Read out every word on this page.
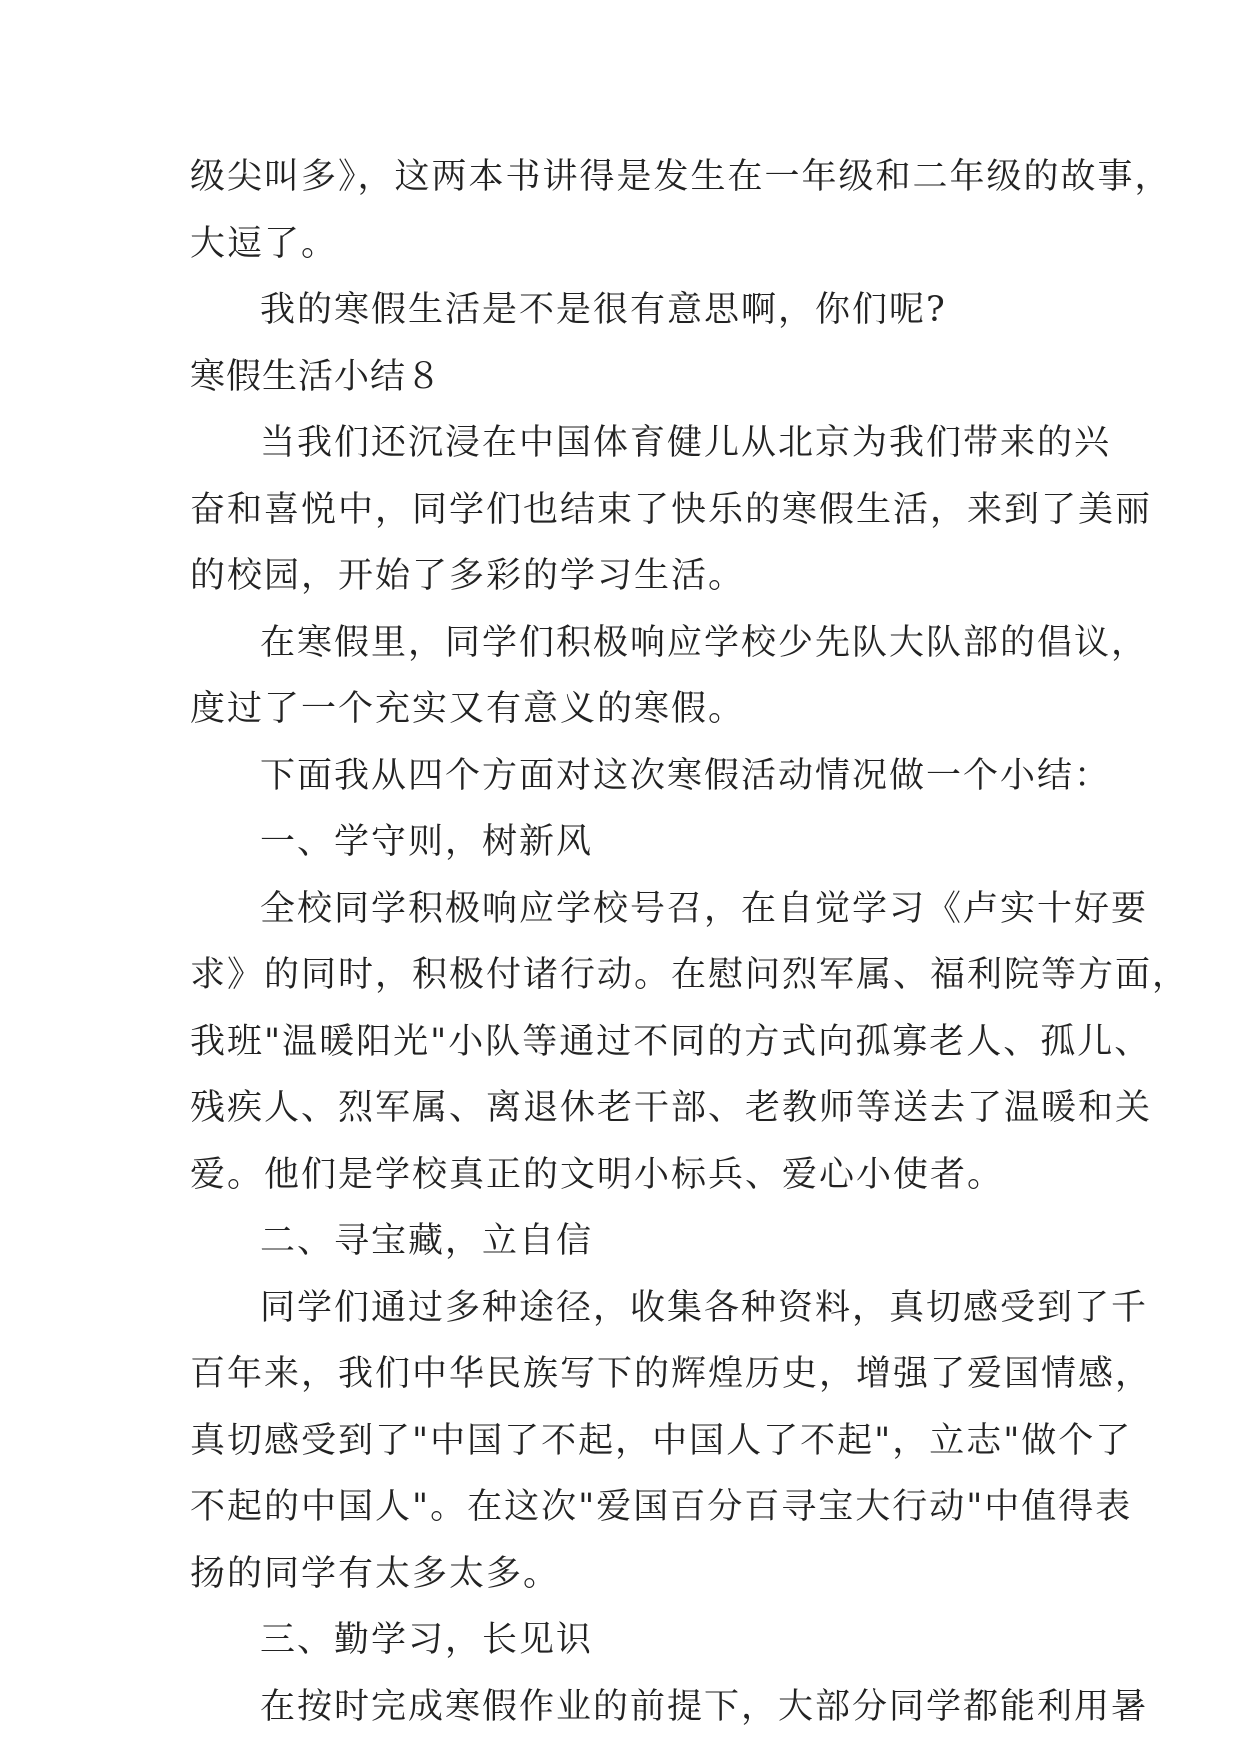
级尖叫多》，这两本书讲得是发生在一年级和二年级的故事，
大逗了。
我的寒假生活是不是很有意思啊，你们呢?
寒假生活小结８
当我们还沉浸在中国体育健儿从北京为我们带来的兴
奋和喜悦中，同学们也结束了快乐的寒假生活，来到了美丽
的校园，开始了多彩的学习生活。
在寒假里，同学们积极响应学校少先队大队部的倡议，
度过了一个充实又有意义的寒假。
下面我从四个方面对这次寒假活动情况做一个小结：
一、学守则，树新风
全校同学积极响应学校号召，在自觉学习《卢实十好要
求》的同时，积极付诸行动。在慰问烈军属、福利院等方面，
我班"温暖阳光"小队等通过不同的方式向孤寡老人、孤儿、
残疾人、烈军属、离退休老干部、老教师等送去了温暖和关
爱。他们是学校真正的文明小标兵、爱心小使者。
二、寻宝藏，立自信
同学们通过多种途径，收集各种资料，真切感受到了千
百年来，我们中华民族写下的辉煌历史，增强了爱国情感，
真切感受到了"中国了不起，中国人了不起"，立志"做个了
不起的中国人"。在这次"爱国百分百寻宝大行动"中值得表
扬的同学有太多太多。
三、勤学习，长见识
在按时完成寒假作业的前提下，大部分同学都能利用暑
